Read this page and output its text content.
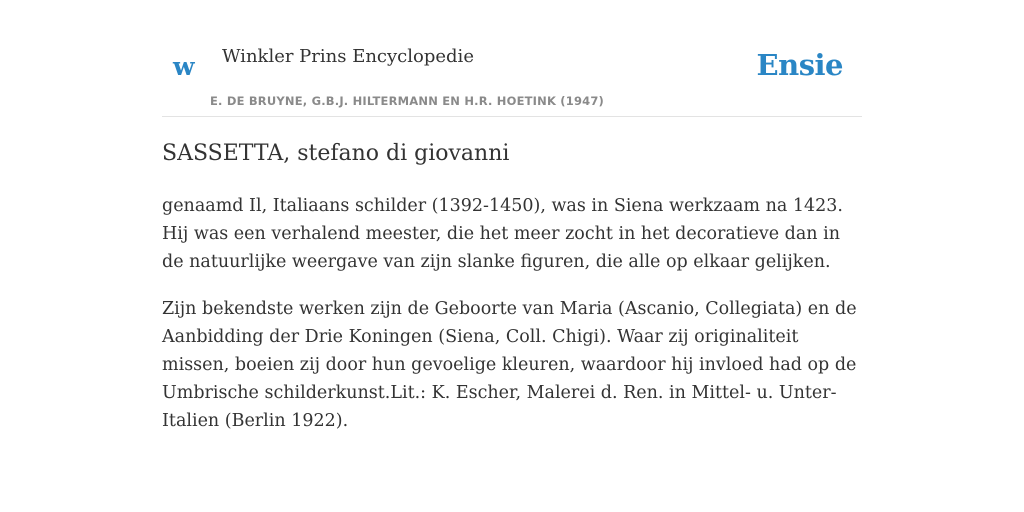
w Winkler Prins Encyclopedie
E. DE BRUYNE, G.B.J. HILTERMANN EN H.R. HOETINK (1947)
Ensie
SASSETTA, stefano di giovanni

genaamd Il, Italiaans schilder (1392-1450), was in Siena werkzaam na 1423. Hij was een verhalend meester, die het meer zocht in het decoratieve dan in de natuurlijke weergave van zijn slanke figuren, die alle op elkaar gelijken.

Zijn bekendste werken zijn de Geboorte van Maria (Ascanio, Collegiata) en de Aanbidding der Drie Koningen (Siena, Coll. Chigi). Waar zij originaliteit missen, boeien zij door hun gevoelige kleuren, waardoor hij invloed had op de Umbrische schilderkunst.Lit.: K. Escher, Malerei d. Ren. in Mittel- u. Unter-Italien (Berlin 1922).
